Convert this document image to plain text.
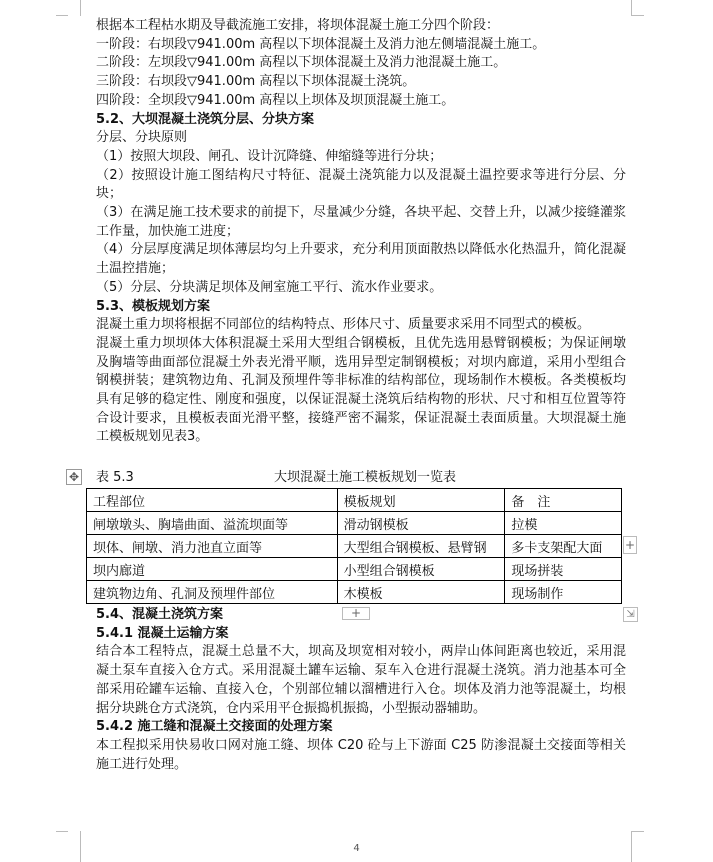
根据本工程枯水期及导截流施工安排，将坝体混凝土施工分四个阶段：

一阶段：右坝段▽941.00m 高程以下坝体混凝土及消力池左侧墙混凝土施工。

二阶段：左坝段▽941.00m 高程以下坝体混凝土及消力池混凝土施工。

三阶段：右坝段▽941.00m 高程以下坝体混凝土浇筑。

四阶段：全坝段▽941.00m 高程以上坝体及坝顶混凝土施工。

5.2、大坝混凝土浇筑分层、分块方案

分层、分块原则

（1）按照大坝段、闸孔、设计沉降缝、伸缩缝等进行分块；

（2）按照设计施工图结构尺寸特征、混凝土浇筑能力以及混凝土温控要求等进行分层、分块；

（3）在满足施工技术要求的前提下，尽量减少分缝，各块平起、交替上升，以减少接缝灌浆工作量，加快施工进度；

（4）分层厚度满足坝体薄层均匀上升要求，充分利用顶面散热以降低水化热温升，简化混凝土温控措施；

（5）分层、分块满足坝体及闸室施工平行、流水作业要求。

5.3、模板规划方案

混凝土重力坝将根据不同部位的结构特点、形体尺寸、质量要求采用不同型式的模板。

混凝土重力坝坝体大体积混凝土采用大型组合钢模板，且优先选用悬臂钢模板；为保证闸墩及胸墙等曲面部位混凝土外表光滑平顺，选用异型定制钢模板；对坝内廊道，采用小型组合钢模拼装；建筑物边角、孔洞及预埋件等非标准的结构部位，现场制作木模板。各类模板均具有足够的稳定性、刚度和强度，以保证混凝土浇筑后结构物的形状、尺寸和相互位置等符合设计要求，且模板表面光滑平整，接缝严密不漏浆，保证混凝土表面质量。大坝混凝土施工模板规划见表3。

✥ 表 5.3	大坝混凝土施工模板规划一览表
工程部位	模板规划	备　注
闸墩墩头、胸墙曲面、溢流坝面等	滑动钢模板	拉模
坝体、闸墩、消力池直立面等	大型组合钢模板、悬臂钢	多卡支架配大面
坝内廊道	小型组合钢模板	现场拼装
建筑物边角、孔洞及预埋件部位	木模板	现场制作
+
+	⇲

5.4、混凝土浇筑方案

5.4.1 混凝土运输方案

结合本工程特点，混凝土总量不大，坝高及坝宽相对较小，两岸山体间距离也较近，采用混凝土泵车直接入仓方式。采用混凝土罐车运输、泵车入仓进行混凝土浇筑。消力池基本可全部采用砼罐车运输、直接入仓，个别部位辅以溜槽进行入仓。坝体及消力池等混凝土，均根据分块跳仓方式浇筑，仓内采用平仓振捣机振捣，小型振动器辅助。

5.4.2 施工缝和混凝土交接面的处理方案

本工程拟采用快易收口网对施工缝、坝体 C20 砼与上下游面 C25 防渗混凝土交接面等相关施工进行处理。

4
